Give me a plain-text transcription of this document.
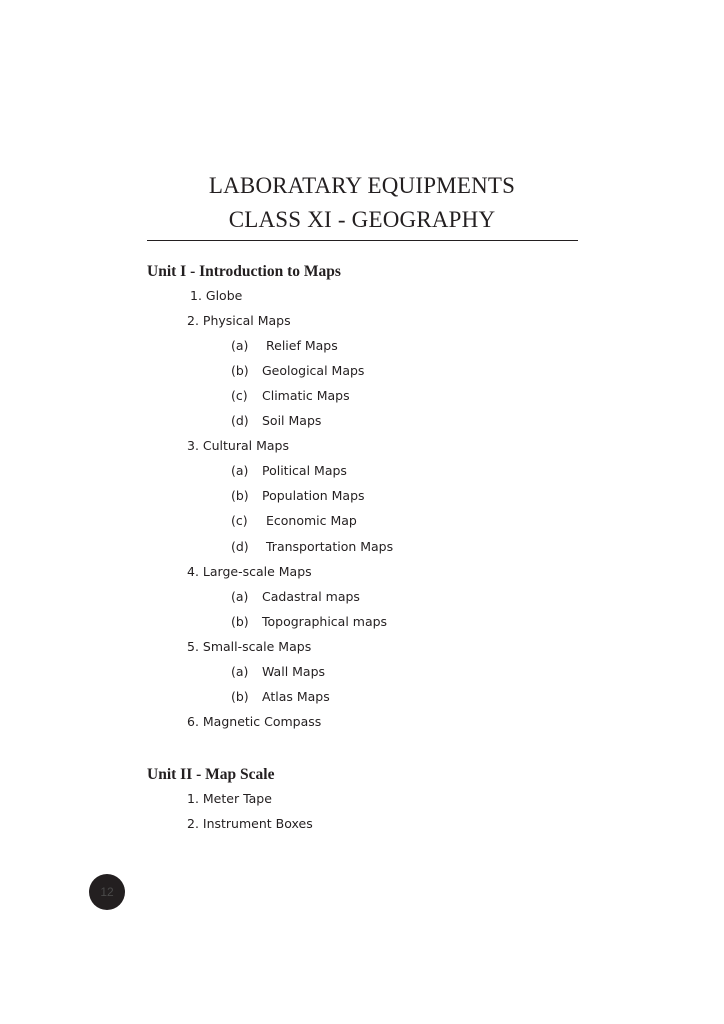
LABORATARY EQUIPMENTS
CLASS XI - GEOGRAPHY
Unit I - Introduction to Maps
1. Globe
2. Physical Maps
(a) Relief Maps
(b) Geological Maps
(c) Climatic Maps
(d) Soil Maps
3. Cultural Maps
(a) Political Maps
(b) Population Maps
(c) Economic Map
(d) Transportation Maps
4. Large-scale Maps
(a) Cadastral maps
(b) Topographical maps
5. Small-scale Maps
(a) Wall Maps
(b) Atlas Maps
6. Magnetic Compass
Unit II - Map Scale
1. Meter Tape
2. Instrument Boxes
12
